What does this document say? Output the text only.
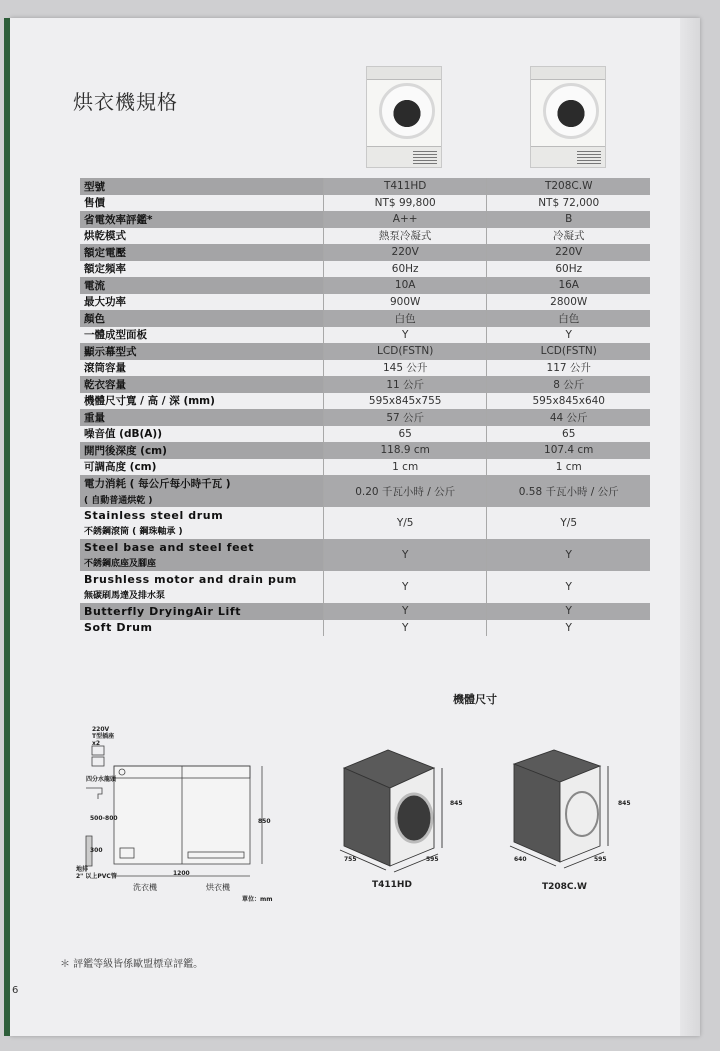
烘衣機規格
型號	T411HD	T208C.W
售價	NT$ 99,800	NT$ 72,000
省電效率評鑑*	A++	B
烘乾模式	熱泵冷凝式	冷凝式
額定電壓	220V	220V
額定頻率	60Hz	60Hz
電流	10A	16A
最大功率	900W	2800W
顏色	白色	白色
一體成型面板	Y	Y
顯示幕型式	LCD(FSTN)	LCD(FSTN)
滾筒容量	145 公升	117 公升
乾衣容量	11 公斤	8 公斤
機體尺寸寬 / 高 / 深 (mm)	595x845x755	595x845x640
重量	57 公斤	44 公斤
噪音值 (dB(A))	65	65
開門後深度 (cm)	118.9 cm	107.4 cm
可調高度 (cm)	1 cm	1 cm
電力消耗 ( 每公斤每小時千瓦 )
( 自動普通烘乾 )	0.20 千瓦小時 / 公斤	0.58 千瓦小時 / 公斤
Stainless steel drum
不銹鋼滾筒 ( 鋼珠軸承 )	Y/5	Y/5
Steel base and steel feet
不銹鋼底座及腳座	Y	Y
Brushless motor and drain pum
無碳刷馬達及排水泵	Y	Y
Butterfly DryingAir Lift	Y	Y
Soft Drum	Y	Y
機體尺寸
220V
T型插座
x2
四分水龍頭
500-800
300
地排
2" 以上PVC管	1200
850
洗衣機	烘衣機
單位：mm
845
595
755
T411HD
845
595
640
T208C.W
＊ 評鑑等級皆係歐盟標章評鑑。
6
